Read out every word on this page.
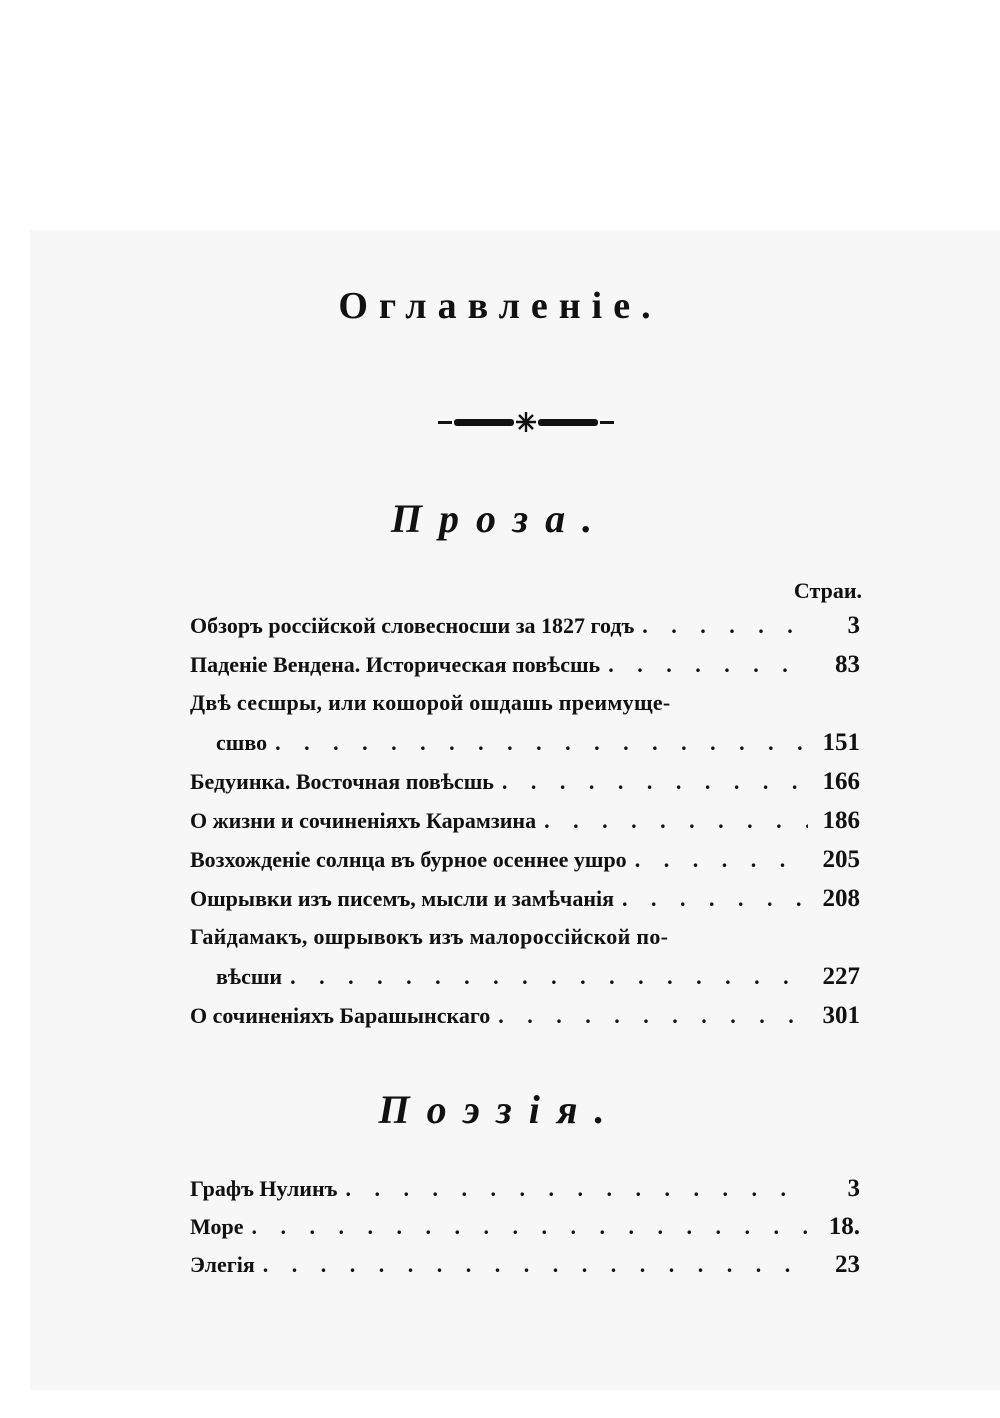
Оглавленіе.
Проза.
Страи.
Обзоръ россійской словесносши за 1827 годъ . . .	3
Паденіе Вендена. Историческая повѣсшь . . .	83
Двѣ сесшры, или кошорой ошдашь преимуще-
сшво . . .	151
Бедуинка. Восточная повѣсшь . . .	166
О жизни и сочиненіяхъ Карамзина . . .	186
Возхожденіе солнца въ бурное осеннее ушро . . .	205
Ошрывки изъ писемъ, мысли и замѣчанія . . .	208
Гайдамакъ, ошрывокъ изъ малороссійской по-
вѣсши . . .	227
О сочиненіяхъ Барашынскаго . . .	301
Поэзія.
Графъ Нулинъ . . .	3
Море . . .	18.
Элегія . . .	23
